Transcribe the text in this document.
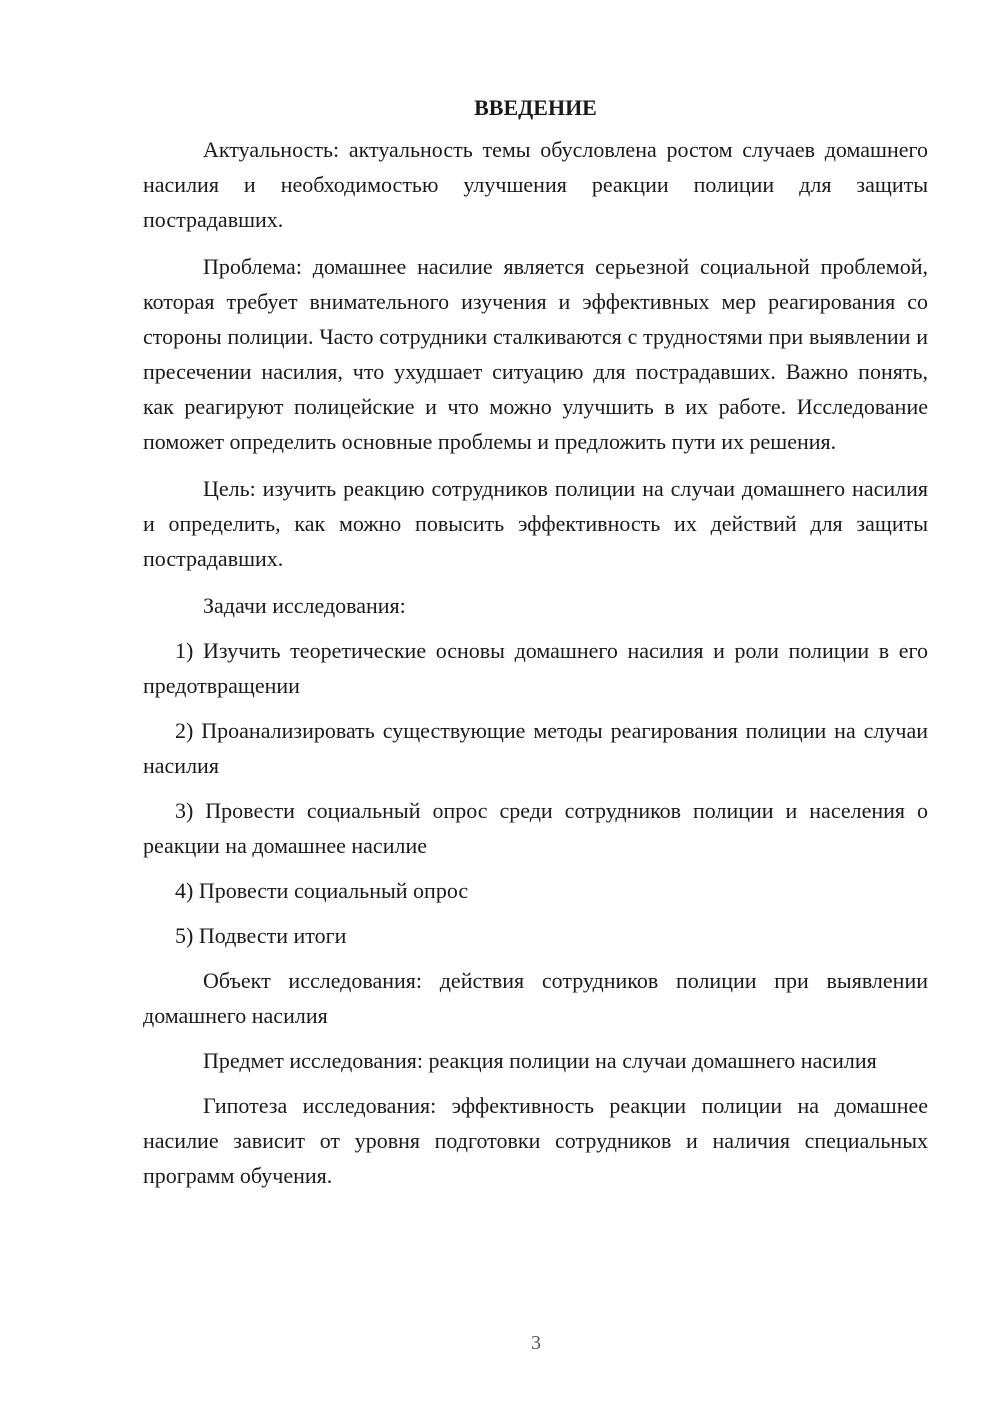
ВВЕДЕНИЕ

Актуальность: актуальность темы обусловлена ростом случаев домашнего насилия и необходимостью улучшения реакции полиции для защиты пострадавших.

Проблема: домашнее насилие является серьезной социальной проблемой, которая требует внимательного изучения и эффективных мер реагирования со стороны полиции. Часто сотрудники сталкиваются с трудностями при выявлении и пресечении насилия, что ухудшает ситуацию для пострадавших. Важно понять, как реагируют полицейские и что можно улучшить в их работе. Исследование поможет определить основные проблемы и предложить пути их решения.

Цель: изучить реакцию сотрудников полиции на случаи домашнего насилия и определить, как можно повысить эффективность их действий для защиты пострадавших.

Задачи исследования:

1) Изучить теоретические основы домашнего насилия и роли полиции в его предотвращении

2) Проанализировать существующие методы реагирования полиции на случаи насилия

3) Провести социальный опрос среди сотрудников полиции и населения о реакции на домашнее насилие

4) Провести социальный опрос

5) Подвести итоги

Объект исследования: действия сотрудников полиции при выявлении домашнего насилия

Предмет исследования: реакция полиции на случаи домашнего насилия

Гипотеза исследования: эффективность реакции полиции на домашнее насилие зависит от уровня подготовки сотрудников и наличия специальных программ обучения.

3
